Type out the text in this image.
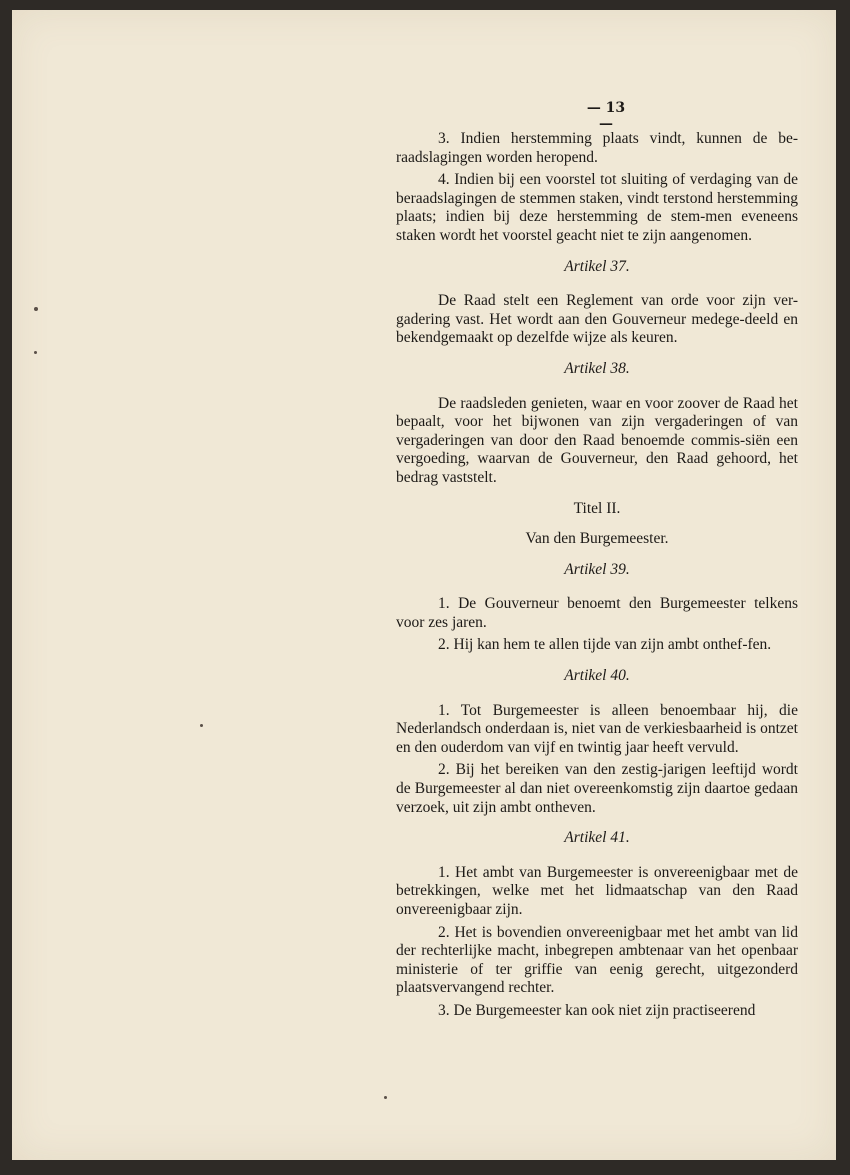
— 13 —

3. Indien herstemming plaats vindt, kunnen de be-raadslagingen worden heropend.

4. Indien bij een voorstel tot sluiting of verdaging van de beraadslagingen de stemmen staken, vindt terstond herstemming plaats; indien bij deze herstemming de stem-men eveneens staken wordt het voorstel geacht niet te zijn aangenomen.

Artikel 37.

De Raad stelt een Reglement van orde voor zijn ver-gadering vast. Het wordt aan den Gouverneur medege-deeld en bekendgemaakt op dezelfde wijze als keuren.

Artikel 38.

De raadsleden genieten, waar en voor zoover de Raad het bepaalt, voor het bijwonen van zijn vergaderingen of van vergaderingen van door den Raad benoemde commis-siën een vergoeding, waarvan de Gouverneur, den Raad gehoord, het bedrag vaststelt.

Titel II.

Van den Burgemeester.

Artikel 39.

1. De Gouverneur benoemt den Burgemeester telkens voor zes jaren.

2. Hij kan hem te allen tijde van zijn ambt onthef-fen.

Artikel 40.

1. Tot Burgemeester is alleen benoembaar hij, die Nederlandsch onderdaan is, niet van de verkiesbaarheid is ontzet en den ouderdom van vijf en twintig jaar heeft vervuld.

2. Bij het bereiken van den zestig-jarigen leeftijd wordt de Burgemeester al dan niet overeenkomstig zijn daartoe gedaan verzoek, uit zijn ambt ontheven.

Artikel 41.

1. Het ambt van Burgemeester is onvereenigbaar met de betrekkingen, welke met het lidmaatschap van den Raad onvereenigbaar zijn.

2. Het is bovendien onvereenigbaar met het ambt van lid der rechterlijke macht, inbegrepen ambtenaar van het openbaar ministerie of ter griffie van eenig gerecht, uitgezonderd plaatsvervangend rechter.

3. De Burgemeester kan ook niet zijn practiseerend
